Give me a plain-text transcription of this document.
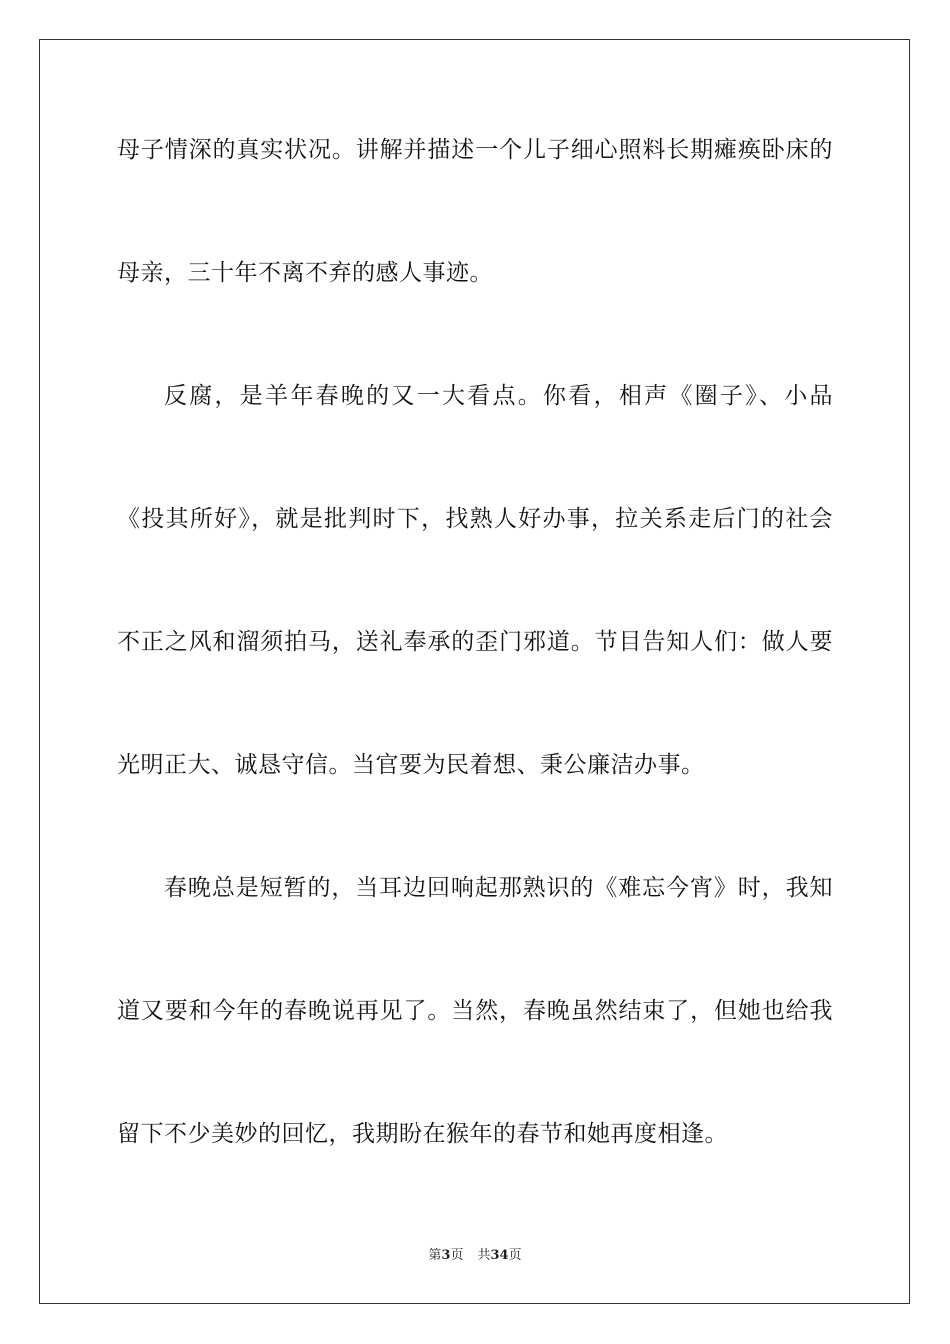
母子情深的真实状况。讲解并描述一个儿子细心照料长期瘫痪卧床的
母亲，三十年不离不弃的感人事迹。
反腐，是羊年春晚的又一大看点。你看，相声《圈子》、小品
《投其所好》，就是批判时下，找熟人好办事，拉关系走后门的社会
不正之风和溜须拍马，送礼奉承的歪门邪道。节目告知人们：做人要
光明正大、诚恳守信。当官要为民着想、秉公廉洁办事。
春晚总是短暂的，当耳边回响起那熟识的《难忘今宵》时，我知
道又要和今年的春晚说再见了。当然，春晚虽然结束了，但她也给我
留下不少美妙的回忆，我期盼在猴年的春节和她再度相逢。
第3页 共34页
